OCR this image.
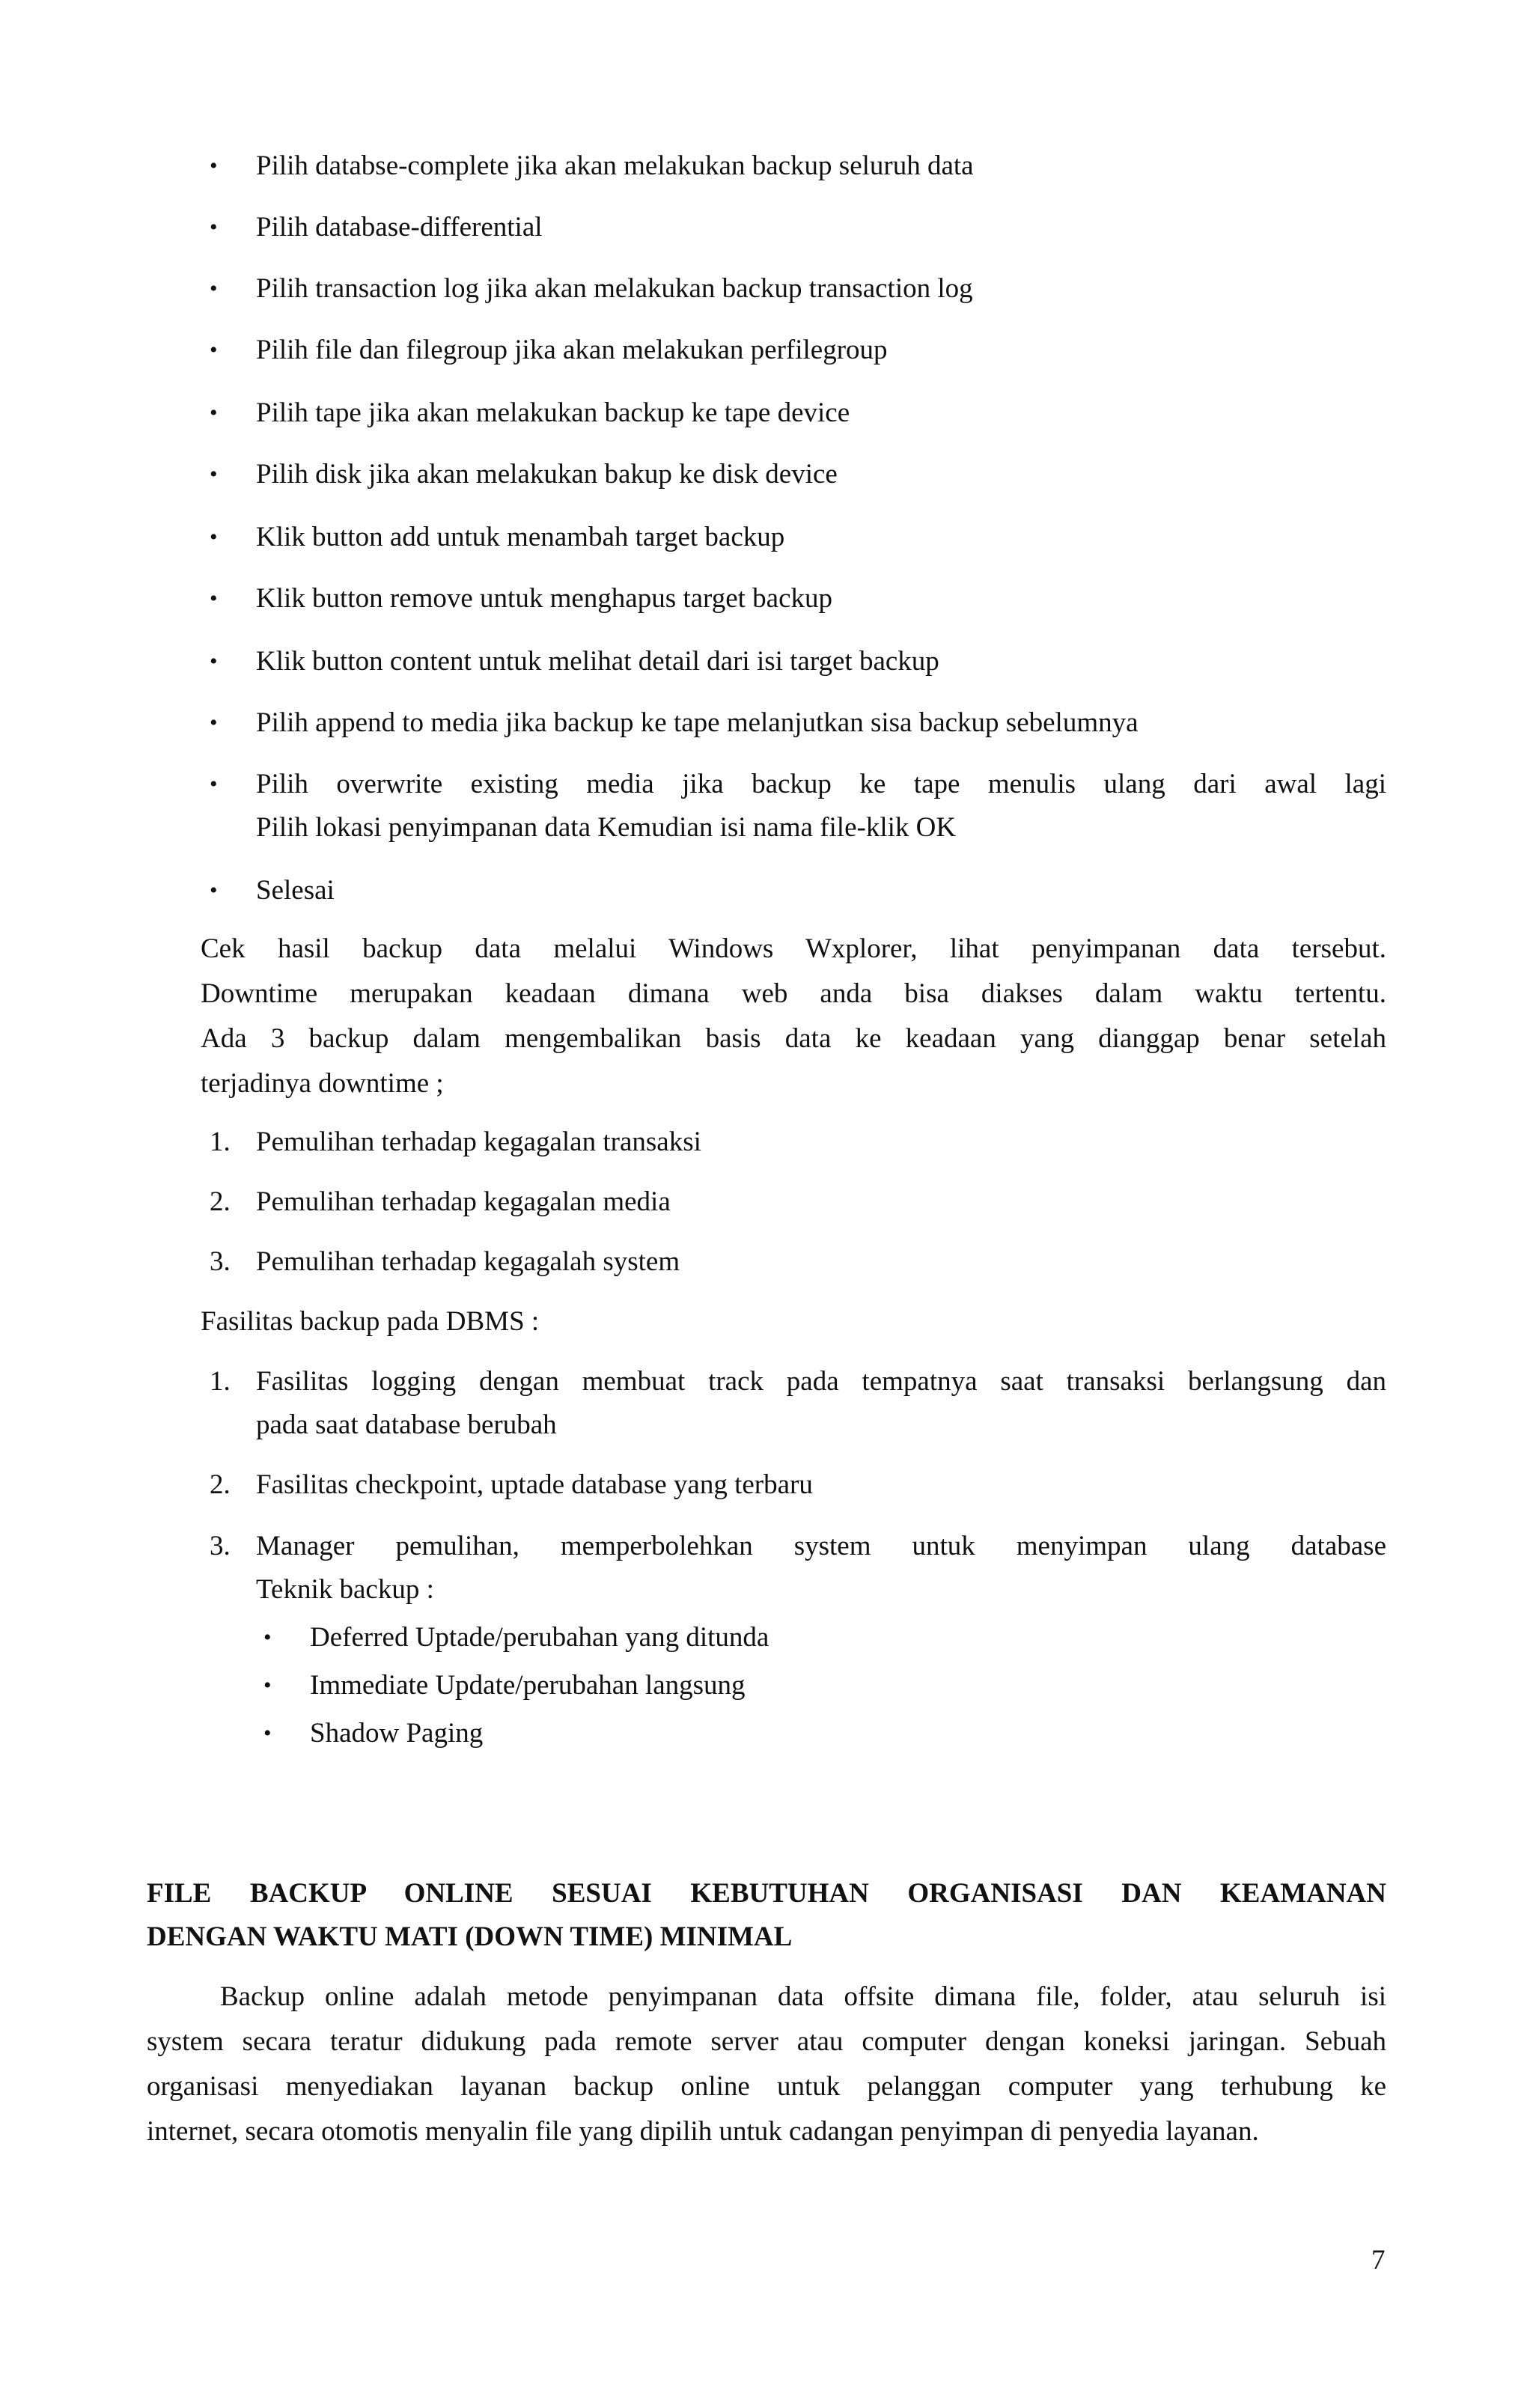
• Pilih databse-complete jika akan melakukan backup seluruh data
• Pilih database-differential
• Pilih transaction log jika akan melakukan backup transaction log
• Pilih file dan filegroup jika akan melakukan perfilegroup
• Pilih tape jika akan melakukan backup ke tape device
• Pilih disk jika akan melakukan bakup ke disk device
• Klik button add untuk menambah target backup
• Klik button remove untuk menghapus target backup
• Klik button content untuk melihat detail dari isi target backup
• Pilih append to media jika backup ke tape melanjutkan sisa backup sebelumnya
• Pilih overwrite existing media jika backup ke tape menulis ulang dari awal lagi
Pilih lokasi penyimpanan data Kemudian isi nama file-klik OK
• Selesai
Cek hasil backup data melalui Windows Wxplorer, lihat penyimpanan data tersebut.
Downtime merupakan keadaan dimana web anda bisa diakses dalam waktu tertentu.
Ada 3 backup dalam mengembalikan basis data ke keadaan yang dianggap benar setelah
terjadinya downtime ;
1. Pemulihan terhadap kegagalan transaksi
2. Pemulihan terhadap kegagalan media
3. Pemulihan terhadap kegagalah system
Fasilitas backup pada DBMS :
1. Fasilitas logging dengan membuat track pada tempatnya saat transaksi berlangsung dan
pada saat database berubah
2. Fasilitas checkpoint, uptade database yang terbaru
3. Manager pemulihan, memperbolehkan system untuk menyimpan ulang database
Teknik backup :
• Deferred Uptade/perubahan yang ditunda
• Immediate Update/perubahan langsung
• Shadow Paging
FILE BACKUP ONLINE SESUAI KEBUTUHAN ORGANISASI DAN KEAMANAN
DENGAN WAKTU MATI (DOWN TIME) MINIMAL
Backup online adalah metode penyimpanan data offsite dimana file, folder, atau seluruh isi
system secara teratur didukung pada remote server atau computer dengan koneksi jaringan. Sebuah
organisasi menyediakan layanan backup online untuk pelanggan computer yang terhubung ke
internet, secara otomotis menyalin file yang dipilih untuk cadangan penyimpan di penyedia layanan.
7
